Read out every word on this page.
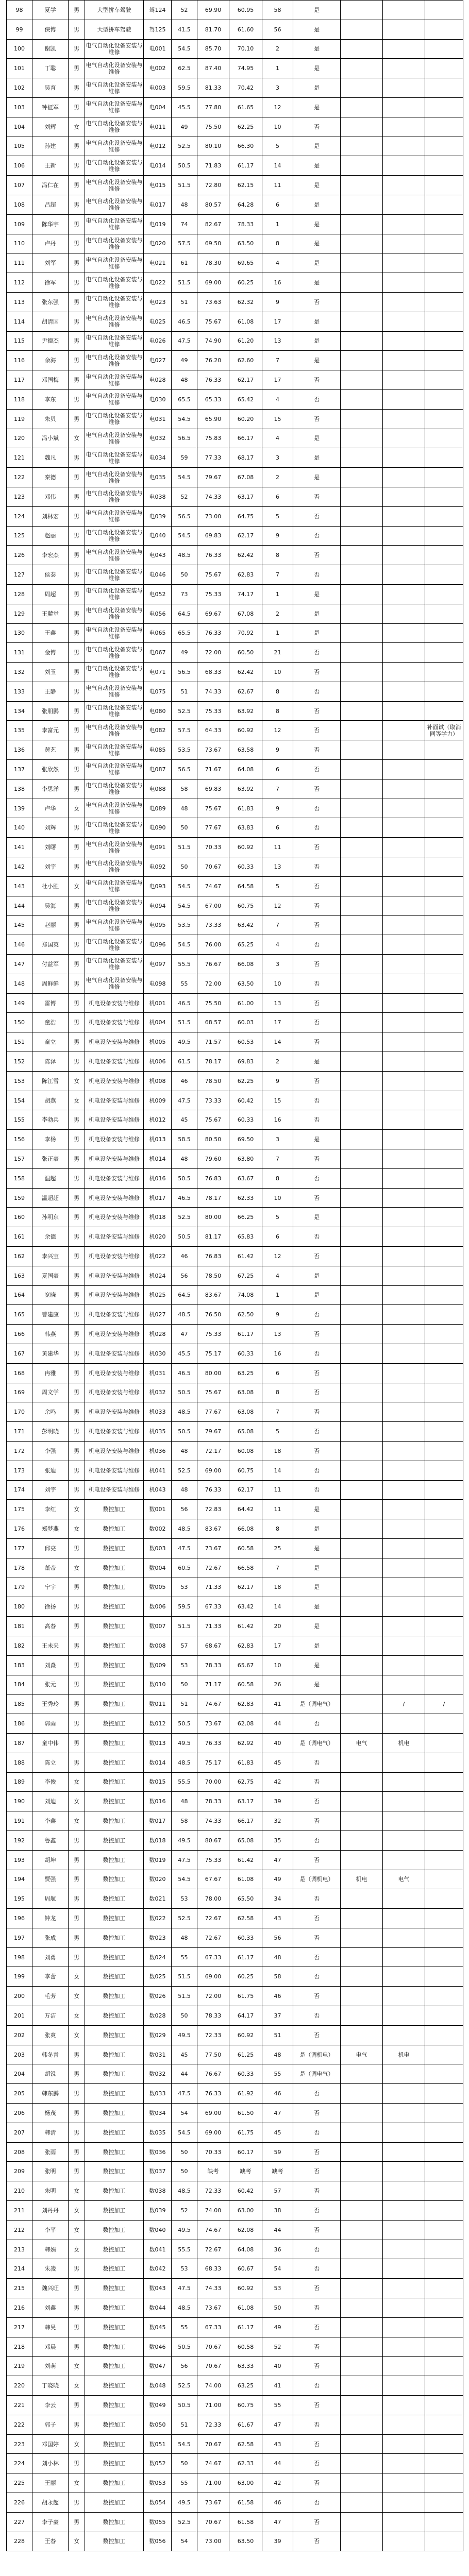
98	夏学	男	大型拼车驾驶	驾124	52	69.90	60.95	58	是			
99	侠博	男	大型拼车驾驶	驾125	41.5	81.70	61.60	56	是			
100	谢凯	男	电气自动化设备安装与维修	电001	54.5	85.70	70.10	2	是			
101	丁聪	男	电气自动化设备安装与维修	电002	62.5	87.40	74.95	1	是			
102	吴育	男	电气自动化设备安装与维修	电003	59.5	81.33	70.42	3	是			
103	钟征军	男	电气自动化设备安装与维修	电004	45.5	77.80	61.65	12	是			
104	刘辉	女	电气自动化设备安装与维修	电011	49	75.50	62.25	10	否			
105	孙建	男	电气自动化设备安装与维修	电012	52.5	80.10	66.30	5	是			
106	王新	男	电气自动化设备安装与维修	电014	50.5	71.83	61.17	14	是			
107	冯仁在	男	电气自动化设备安装与维修	电015	51.5	72.80	62.15	11	是			
108	吕超	男	电气自动化设备安装与维修	电017	48	80.57	64.28	6	是			
109	陈华宇	男	电气自动化设备安装与维修	电019	74	82.67	78.33	1	是			
110	卢丹	男	电气自动化设备安装与维修	电020	57.5	69.50	63.50	8	是			
111	刘军	男	电气自动化设备安装与维修	电021	61	78.30	69.65	4	是			
112	徐军	男	电气自动化设备安装与维修	电022	51.5	69.00	60.25	16	是			
113	张东强	男	电气自动化设备安装与维修	电023	51	73.63	62.32	9	否			
114	胡清国	男	电气自动化设备安装与维修	电025	46.5	75.67	61.08	17	是			
115	尹德杰	男	电气自动化设备安装与维修	电026	47.5	74.90	61.20	13	是			
116	余海	男	电气自动化设备安装与维修	电027	49	76.20	62.60	7	是			
117	邓国梅	男	电气自动化设备安装与维修	电028	48	76.33	62.17	17	否			
118	李东	男	电气自动化设备安装与维修	电030	65.5	65.33	65.42	4	否			
119	朱贝	男	电气自动化设备安装与维修	电031	54.5	65.90	60.20	15	否			
120	冯小斌	女	电气自动化设备安装与维修	电032	56.5	75.83	66.17	4	是			
121	魏凡	男	电气自动化设备安装与维修	电034	59	77.33	68.17	3	是			
122	秦德	男	电气自动化设备安装与维修	电035	54.5	79.67	67.08	2	是			
123	邓伟	男	电气自动化设备安装与维修	电038	52	74.33	63.17	6	否			
124	刘林宏	男	电气自动化设备安装与维修	电039	56.5	73.00	64.75	5	否			
125	赵丽	男	电气自动化设备安装与维修	电040	54.5	69.83	62.17	9	否			
126	李宏杰	男	电气自动化设备安装与维修	电043	48.5	76.33	62.42	8	否			
127	侯泰	男	电气自动化设备安装与维修	电046	50	75.67	62.83	7	否			
128	周超	男	电气自动化设备安装与维修	电052	73	75.33	74.17	1	是			
129	王麓堂	男	电气自动化设备安装与维修	电056	64.5	69.67	67.08	2	是			
130	王鑫	男	电气自动化设备安装与维修	电065	65.5	76.33	70.92	1	是			
131	金博	男	电气自动化设备安装与维修	电067	49	72.00	60.50	21	否			
132	刘玉	男	电气自动化设备安装与维修	电071	56.5	68.33	62.42	10	否			
133	王静	男	电气自动化设备安装与维修	电075	51	74.33	62.67	8	否			
134	张朋鹏	男	电气自动化设备安装与维修	电080	52.5	75.33	63.92	8	否			
135	李富元	男	电气自动化设备安装与维修	电082	57.5	64.33	60.92	12	否			补面试（取消同等学力）
136	黄艺	男	电气自动化设备安装与维修	电085	53.5	73.67	63.58	9	否			
137	张欣然	男	电气自动化设备安装与维修	电087	56.5	71.67	64.08	6	否			
138	李思洋	男	电气自动化设备安装与维修	电088	58	69.83	63.92	7	否			
139	卢华	女	电气自动化设备安装与维修	电089	48	75.67	61.83	9	否			
140	刘辉	男	电气自动化设备安装与维修	电090	50	77.67	63.83	6	否			
141	刘曙	男	电气自动化设备安装与维修	电091	51.5	70.33	60.92	11	否			
142	刘宇	男	电气自动化设备安装与维修	电092	50	70.67	60.33	13	否			
143	杜小胜	女	电气自动化设备安装与维修	电093	54.5	74.67	64.58	5	否			
144	吴海	男	电气自动化设备安装与维修	电094	54.5	67.00	60.75	12	否			
145	赵丽	男	电气自动化设备安装与维修	电095	53.5	73.33	63.42	7	否			
146	郑国英	男	电气自动化设备安装与维修	电096	54.5	76.00	65.25	4	否			
147	付益军	男	电气自动化设备安装与维修	电097	55.5	76.67	66.08	3	否			
148	周鲜鲜	男	电气自动化设备安装与维修	电098	55	72.00	63.50	10	否			
149	雷博	男	机电设备安装与维修	机001	46.5	75.50	61.00	13	否			
150	童浩	男	机电设备安装与维修	机004	51.5	68.57	60.03	17	否			
151	童立	男	机电设备安装与维修	机005	49.5	71.57	60.53	14	否			
152	陈泽	男	机电设备安装与维修	机006	61.5	78.17	69.83	2	是			
153	陈江雪	女	机电设备安装与维修	机008	46	78.50	62.25	9	否			
154	胡燕	女	机电设备安装与维修	机009	47.5	73.33	60.42	15	否			
155	李勃兵	男	机电设备安装与维修	机012	45	75.67	60.33	16	否			
156	李杨	男	机电设备安装与维修	机013	58.5	80.50	69.50	3	是			
157	张正豪	男	机电设备安装与维修	机014	48	79.60	63.80	7	否			
158	温超	男	机电设备安装与维修	机016	50.5	76.83	63.67	8	否			
159	温超超	男	机电设备安装与维修	机017	46.5	78.17	62.33	10	否			
160	孙明东	男	机电设备安装与维修	机018	52.5	80.00	66.25	5	是			
161	余德	男	机电设备安装与维修	机020	50.5	81.17	65.83	6	否			
162	李兴宝	男	机电设备安装与维修	机022	46	76.83	61.42	12	否			
163	夏国豪	男	机电设备安装与维修	机024	56	78.50	67.25	4	是			
164	宽晓	男	机电设备安装与维修	机025	64.5	83.67	74.08	1	是			
165	曹建康	男	机电设备安装与维修	机027	48.5	76.50	62.50	9	否			
166	韩燕	男	机电设备安装与维修	机028	47	75.33	61.17	13	否			
167	黄建华	男	机电设备安装与维修	机030	45.5	75.17	60.33	16	否			
168	冉雅	男	机电设备安装与维修	机031	46.5	80.00	63.25	6	否			
169	周文学	男	机电设备安装与维修	机032	50.5	75.67	63.08	8	否			
170	余鸣	男	机电设备安装与维修	机033	48.5	77.67	63.08	7	否			
171	彭明晓	男	机电设备安装与维修	机035	50.5	79.67	65.08	5	否			
172	李强	男	机电设备安装与维修	机036	48	72.17	60.08	18	否			
173	张迪	男	机电设备安装与维修	机041	52.5	69.00	60.75	14	否			
174	刘宇	男	机电设备安装与维修	机043	48	76.33	62.17	11	否			
175	李红	女	数控加工	数001	56	72.83	64.42	11	是			
176	郑梦燕	女	数控加工	数002	48.5	83.67	66.08	8	是			
177	邱亮	男	数控加工	数003	47.5	73.67	60.58	25	是			
178	董帝	女	数控加工	数004	60.5	72.67	66.58	7	是			
179	宁宇	男	数控加工	数005	53	71.33	62.17	18	是			
180	徐扬	男	数控加工	数006	59.5	67.33	63.42	14	是			
181	高春	男	数控加工	数007	51.5	71.33	61.42	20	是			
182	王未来	男	数控加工	数008	57	68.67	62.83	17	是			
183	刘淼	男	数控加工	数009	53	78.33	65.67	10	是			
184	张元	男	数控加工	数010	50	71.17	60.58	26	是			
185	王秀玲	男	数控加工	数011	51	74.67	62.83	41	是（调电气）		/	/
186	郭雨	男	数控加工	数012	50.5	73.67	62.08	44	否			
187	童中伟	男	数控加工	数013	49.5	76.33	62.92	40	是（调电气）	电气	机电	
188	陈立	男	数控加工	数014	48.5	75.17	61.83	45	否			
189	李俊	女	数控加工	数015	55.5	70.00	62.75	42	否			
190	刘迪	女	数控加工	数016	48	78.33	63.17	39	否			
191	李鑫	女	数控加工	数017	58	74.33	66.17	32	否			
192	鲁鑫	男	数控加工	数018	49.5	80.67	65.08	35	否			
193	胡坤	男	数控加工	数019	47.5	75.33	61.42	47	否			
194	贾强	男	数控加工	数020	54.5	67.67	61.08	49	是（调机电）	机电	电气	
195	周航	男	数控加工	数021	53	78.00	65.50	34	否			
196	钟龙	男	数控加工	数022	52.5	72.67	62.58	43	否			
197	张成	男	数控加工	数023	48	72.67	60.33	56	否			
198	刘勇	男	数控加工	数024	55	67.33	61.17	48	否			
199	李蕾	女	数控加工	数025	51.5	69.00	60.25	58	否			
200	毛芳	女	数控加工	数026	51.5	72.00	61.75	46	否			
201	万洁	女	数控加工	数028	50	78.33	64.17	37	否			
202	张爽	女	数控加工	数029	49.5	72.33	60.92	51	否			
203	韩冬青	男	数控加工	数031	45	77.50	61.25	48	是（调机电）	电气	机电	
204	胡锐	男	数控加工	数032	44	76.67	60.33	55	是（调电气）			
205	韩东鹏	男	数控加工	数033	47.5	76.33	61.92	46	否			
206	杨茂	男	数控加工	数034	54	69.00	61.50	47	否			
207	韩清	男	数控加工	数035	54.5	69.00	61.75	45	否			
208	张雨	男	数控加工	数036	50	70.33	60.17	59	否			
209	张明	男	数控加工	数037	50	缺考	缺考	缺考	否			
210	朱明	女	数控加工	数038	48.5	72.33	60.42	57	否			
211	刘丹丹	女	数控加工	数039	52	74.00	63.00	38	否			
212	李平	女	数控加工	数040	49.5	74.67	62.08	44	否			
213	韩娟	女	数控加工	数041	55.5	72.67	64.08	36	否			
214	朱凌	男	数控加工	数042	53	68.33	60.67	54	否			
215	魏兴旺	男	数控加工	数043	47.5	74.33	60.92	53	否			
216	刘鑫	男	数控加工	数044	48.5	73.67	61.08	50	否			
217	韩昊	男	数控加工	数045	55	67.33	61.17	49	否			
218	邓晨	男	数控加工	数046	50.5	70.67	60.58	52	否			
219	刘萌	女	数控加工	数047	56	70.67	63.33	40	否			
220	丁晓晓	女	数控加工	数048	52.5	74.00	63.25	41	否			
221	李云	男	数控加工	数049	50.5	71.00	60.75	55	否			
222	郭子	男	数控加工	数050	51	72.33	61.67	47	否			
223	邓国婷	女	数控加工	数051	54.5	70.67	62.58	43	否			
224	刘小林	男	数控加工	数052	50	74.67	62.33	44	否			
225	王丽	女	数控加工	数053	55	71.00	63.00	42	否			
226	胡永超	男	数控加工	数054	49.5	73.67	61.58	46	否			
227	李子豪	男	数控加工	数055	52.5	70.67	61.58	47	否			
228	王春	女	数控加工	数056	54	73.00	63.50	39	否			
